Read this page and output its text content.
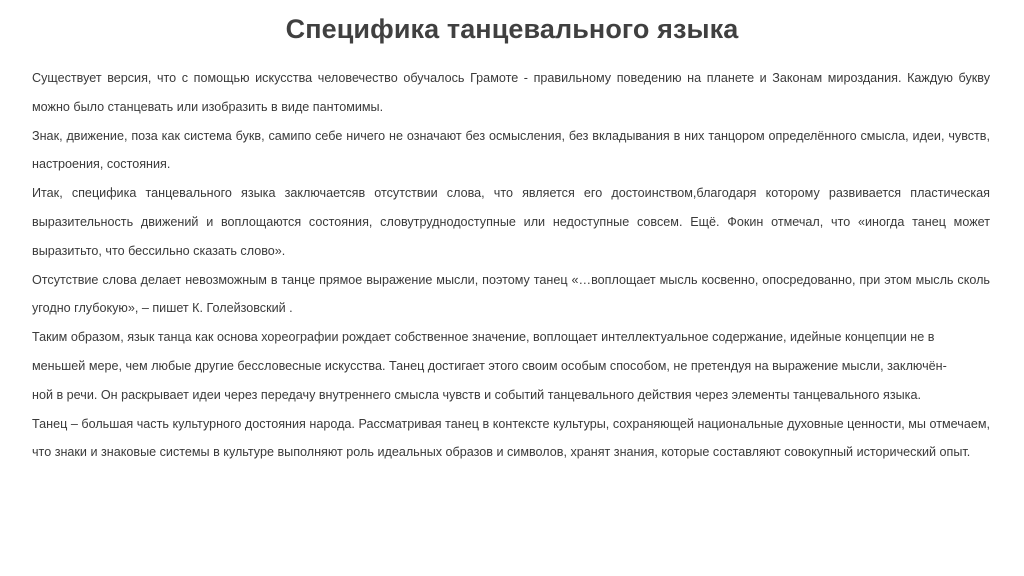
Специфика танцевального языка

Существует версия, что с помощью искусства человечество обучалось Грамоте - правильному поведению на планете и Законам мироздания. Каждую букву можно было станцевать или изобразить в виде пантомимы.

Знак, движение, поза как система букв, самипо себе ничего не означают без осмысления, без вкладывания в них танцором определённого смысла, идеи, чувств, настроения, состояния.

Итак, специфика танцевального языка заключаетсяв отсутствии слова, что является его достоинством,благодаря которому развивается пластическая выразительность движений и воплощаются состояния, словутруднодоступные или недоступные совсем. Ещё. Фокин отмечал, что «иногда танец может выразитьто, что бессильно сказать слово».

Отсутствие слова делает невозможным в танце прямое выражение мысли, поэтому танец «…воплощает мысль косвенно, опосредованно, при этом мысль сколь угодно глубокую», – пишет К. Голейзовский .

Таким образом, язык танца как основа хореографии рождает собственное значение, воплощает интеллектуальное содержание, идейные концепции не в

меньшей мере, чем любые другие бессловесные искусства. Танец достигает этого своим особым способом, не претендуя на выражение мысли, заключён-

ной в речи. Он раскрывает идеи через передачу внутреннего смысла чувств и событий танцевального действия через элементы танцевального языка.

Танец – большая часть культурного достояния народа. Рассматривая танец в контексте культуры, сохраняющей национальные духовные ценности, мы отмечаем, что знаки и знаковые системы в культуре выполняют роль идеальных образов и символов, хранят знания, которые составляют совокупный исторический опыт.
